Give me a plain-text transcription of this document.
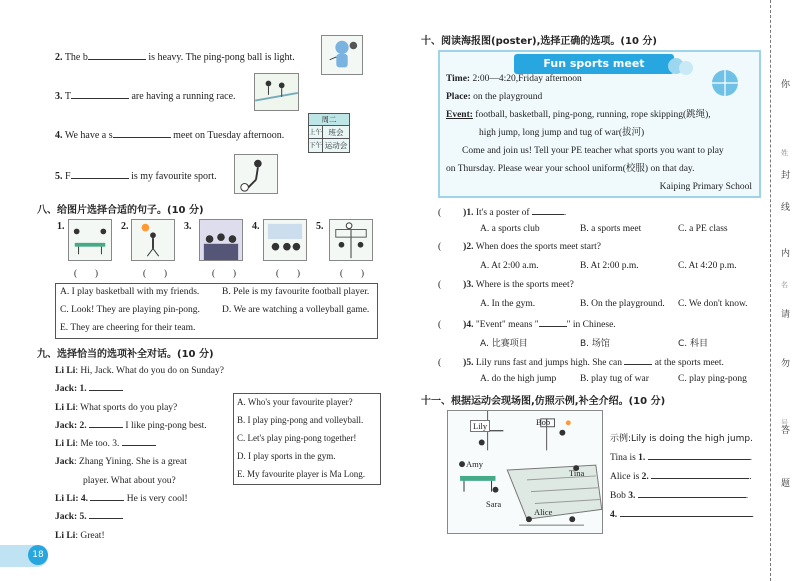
2. The b	is heavy. The ping-pong ball is light.
3. T	are having a running race.
4. We have a s	meet on Tuesday afternoon.
5. F	is my favourite sport.
周二
上午 班会
下午 运动会
八、给图片选择合适的句子。(10 分)
1.	2.	3.	4.	5.
(　　)	(　　)	(　　)	(　　)	(　　)
A. I play basketball with my friends. B. Pele is my favourite football player.
C. Look! They are playing pin-pong. D. We are watching a volleyball game.
E. They are cheering for their team.
九、选择恰当的选项补全对话。(10 分)
Li Li: Hi, Jack. What do you do on Sunday?
Jack: 1.
Li Li: What sports do you play?
Jack: 2.	I like ping-pong best.
Li Li: Me too. 3.
Jack: Zhang Yining. She is a great
player. What about you?
Li Li: 4.	He is very cool!
Jack: 5.
Li Li: Great!
A. Who's your favourite player?
B. I play ping-pong and volleyball.
C. Let's play ping-pong together!
D. I play sports in the gym.
E. My favourite player is Ma Long.
18
十、阅读海报图(poster),选择正确的选项。(10 分)
Fun sports meet
Time: 2:00—4:20,Friday afternoon
Place: on the playground
Event: football, basketball, ping-pong, running, rope skipping(跳绳),
high jump, long jump and tug of war(拔河)
Come and join us! Tell your PE teacher what sports you want to play
on Thursday. Please wear your school uniform(校服) on that day.
Kaiping Primary School
( )1. It's a poster of	.
A. a sports club	B. a sports meet	C. a PE class
( )2. When does the sports meet start?
A. At 2:00 a.m.	B. At 2:00 p.m.	C. At 4:20 p.m.
( )3. Where is the sports meet?
A. In the gym.	B. On the playground. C. We don't know.
( )4. "Event" means "	" in Chinese.
A. 比赛项目	B. 场馆	C. 科目
( )5. Lily runs fast and jumps high. She can	at the sports meet.
A. do the high jump B. play tug of war	C. play ping-pong
十一、根据运动会现场图,仿照示例,补全介绍。(10 分)
Lily	Bob
Amy
Tina
Sara
Alice
示例:Lily is doing the high jump.
Tina is 1.	.
Alice is 2.	.
Bob 3.	.
4.	.
你
姓
封
线
内
名
请
勿
号
答
题
